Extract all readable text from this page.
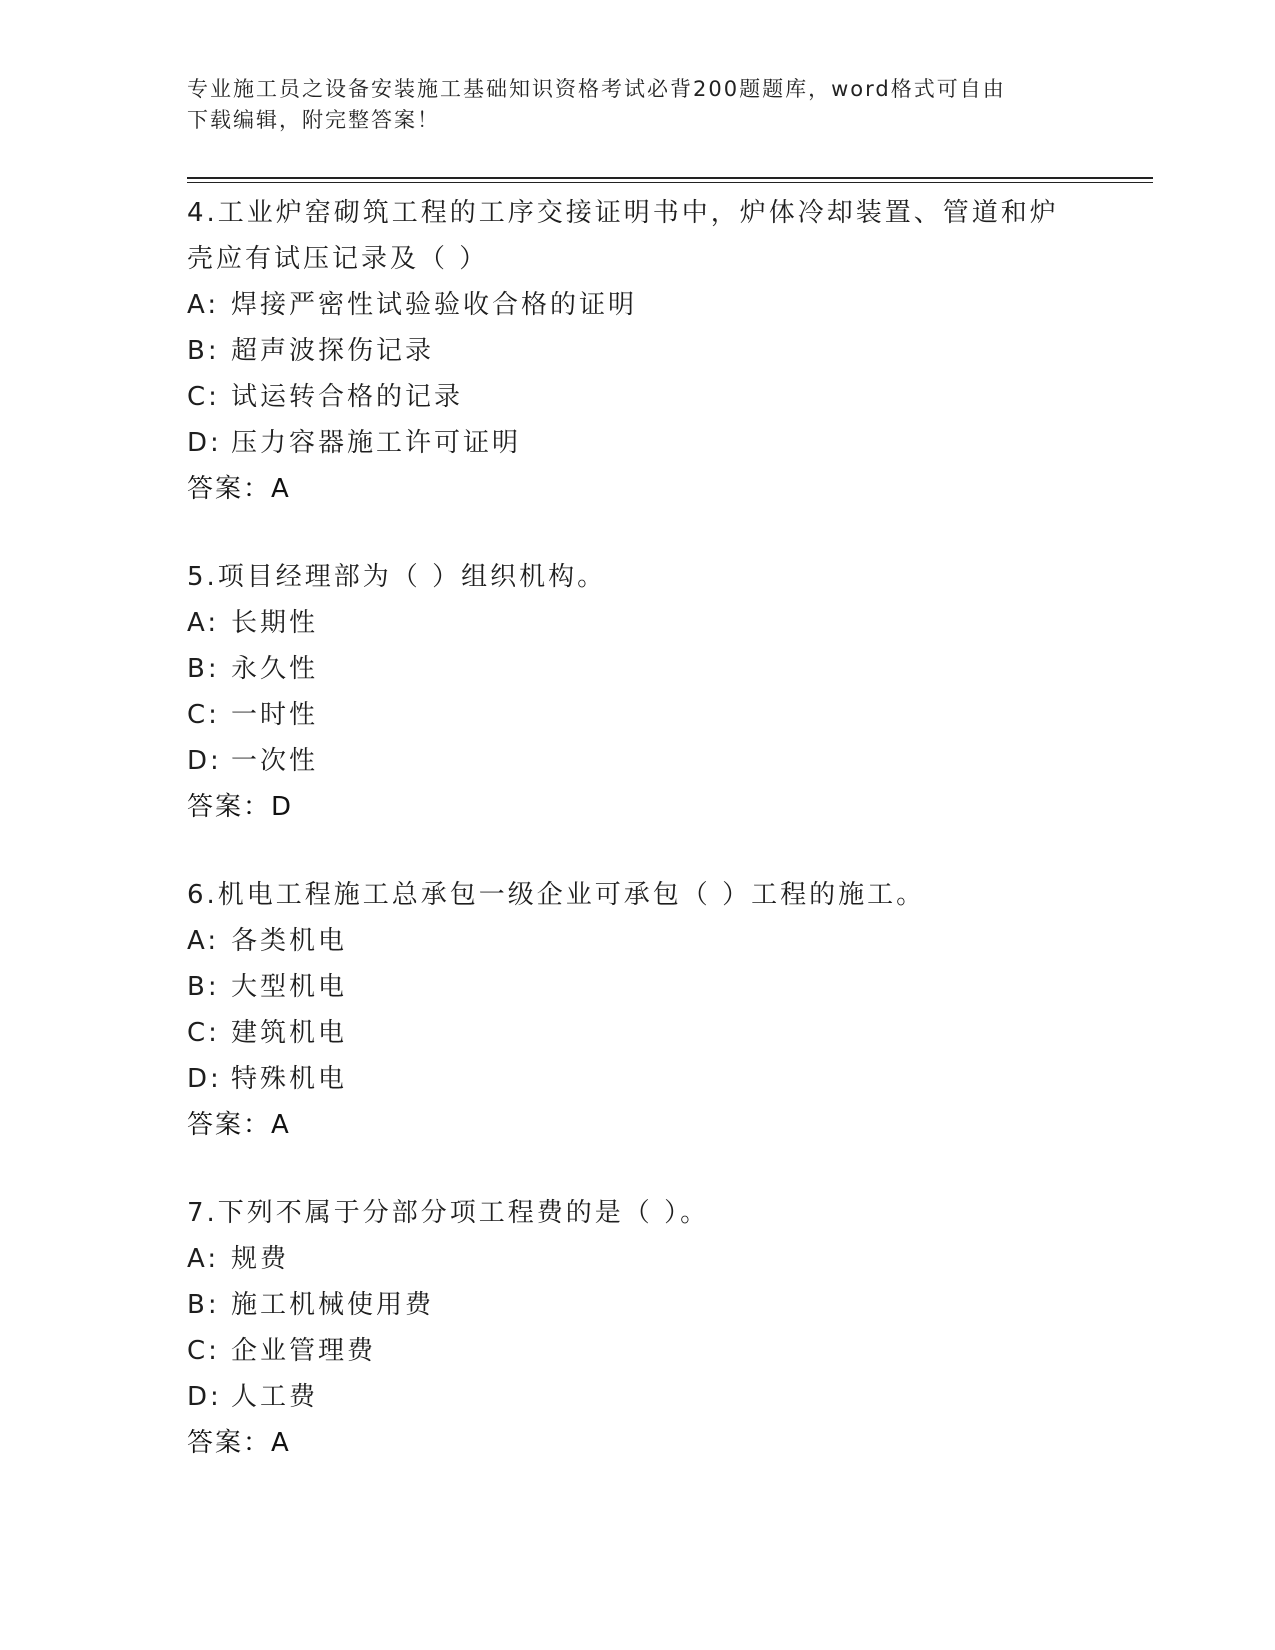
专业施工员之设备安装施工基础知识资格考试必背200题题库，word格式可自由
下载编辑，附完整答案！
4.工业炉窑砌筑工程的工序交接证明书中，炉体冷却装置、管道和炉壳应有试压记录及（ ）
A: 焊接严密性试验验收合格的证明
B: 超声波探伤记录
C: 试运转合格的记录
D: 压力容器施工许可证明
答案：A
5.项目经理部为（ ）组织机构。
A: 长期性
B: 永久性
C: 一时性
D: 一次性
答案：D
6.机电工程施工总承包一级企业可承包（ ）工程的施工。
A: 各类机电
B: 大型机电
C: 建筑机电
D: 特殊机电
答案：A
7.下列不属于分部分项工程费的是（ ）。
A: 规费
B: 施工机械使用费
C: 企业管理费
D: 人工费
答案：A
